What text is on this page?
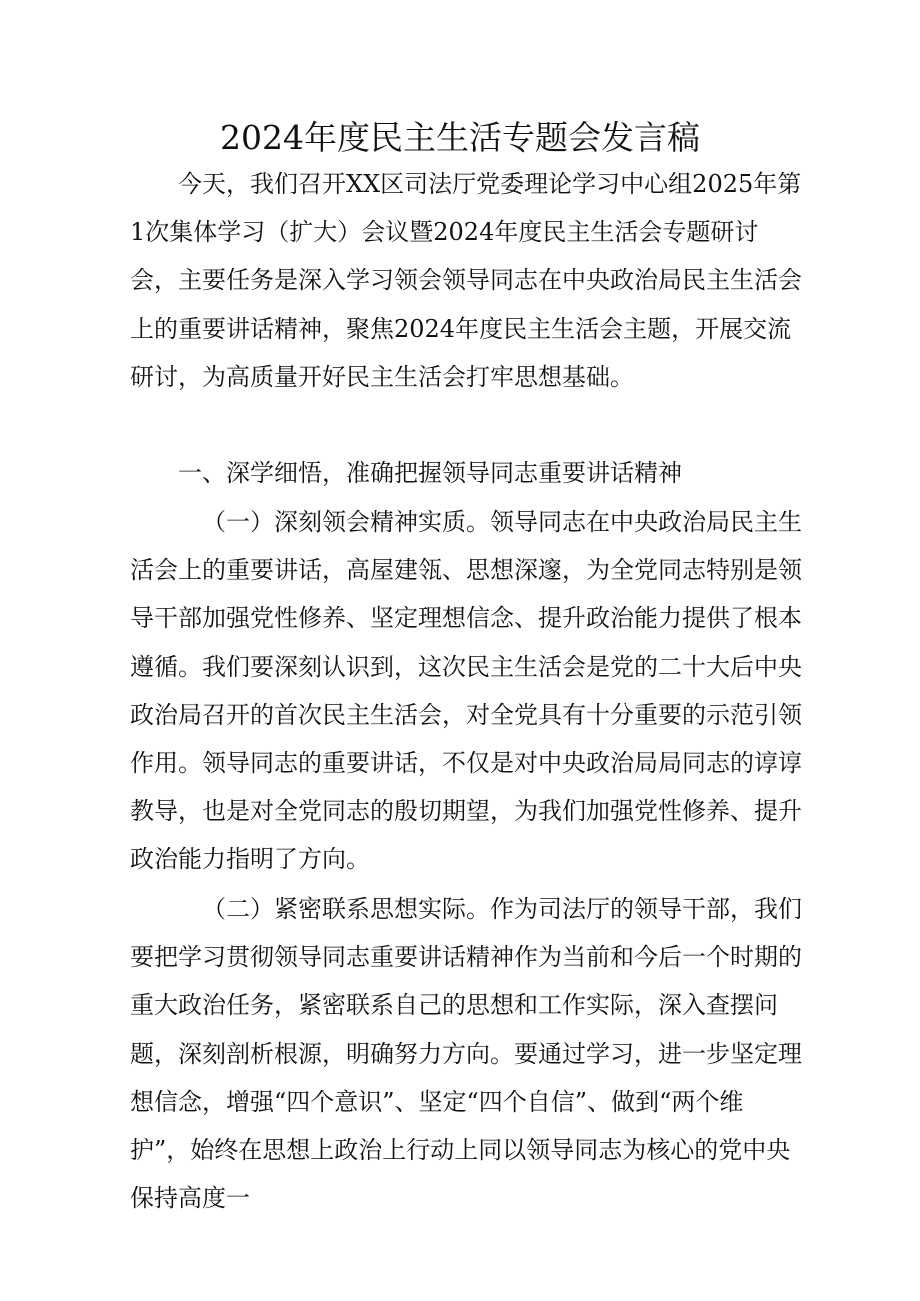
2024年度民主生活专题会发言稿

今天，我们召开XX区司法厅党委理论学习中心组2025年第1次集体学习（扩大）会议暨2024年度民主生活会专题研讨会，主要任务是深入学习领会领导同志在中央政治局民主生活会上的重要讲话精神，聚焦2024年度民主生活会主题，开展交流研讨，为高质量开好民主生活会打牢思想基础。

一、深学细悟，准确把握领导同志重要讲话精神

（一）深刻领会精神实质。领导同志在中央政治局民主生活会上的重要讲话，高屋建瓴、思想深邃，为全党同志特别是领导干部加强党性修养、坚定理想信念、提升政治能力提供了根本遵循。我们要深刻认识到，这次民主生活会是党的二十大后中央政治局召开的首次民主生活会，对全党具有十分重要的示范引领作用。领导同志的重要讲话，不仅是对中央政治局局同志的谆谆教导，也是对全党同志的殷切期望，为我们加强党性修养、提升政治能力指明了方向。

（二）紧密联系思想实际。作为司法厅的领导干部，我们要把学习贯彻领导同志重要讲话精神作为当前和今后一个时期的重大政治任务，紧密联系自己的思想和工作实际，深入查摆问题，深刻剖析根源，明确努力方向。要通过学习，进一步坚定理想信念，增强“四个意识”、坚定“四个自信”、做到“两个维护”，始终在思想上政治上行动上同以领导同志为核心的党中央保持高度一
